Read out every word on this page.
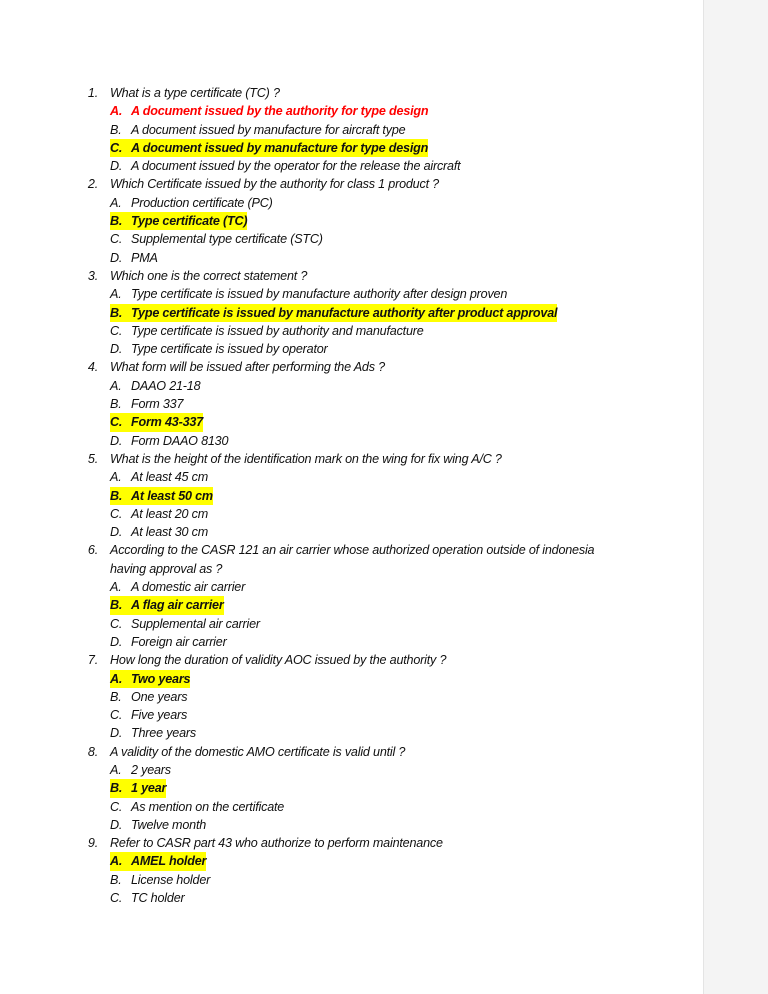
1. What is a type certificate (TC) ?
A. A document issued by the authority for type design
B. A document issued by manufacture for aircraft type
C. A document issued by manufacture for type design
D. A document issued by the operator for the release the aircraft
2. Which Certificate issued by the authority for class 1 product ?
A. Production certificate (PC)
B. Type certificate (TC)
C. Supplemental type certificate (STC)
D. PMA
3. Which one is the correct statement ?
A. Type certificate is issued by manufacture authority after design proven
B. Type certificate is issued by manufacture authority after product approval
C. Type certificate is issued by authority and manufacture
D. Type certificate is issued by operator
4. What form will be issued after performing the Ads ?
A. DAAO 21-18
B. Form 337
C. Form 43-337
D. Form DAAO 8130
5. What is the height of the identification mark on the wing for fix wing A/C ?
A. At least 45 cm
B. At least 50 cm
C. At least 20 cm
D. At least 30 cm
6. According to the CASR 121 an air carrier whose authorized operation outside of indonesia
having approval as ?
A. A domestic air carrier
B. A flag air carrier
C. Supplemental air carrier
D. Foreign air carrier
7. How long the duration of validity AOC issued by the authority ?
A. Two years
B. One years
C. Five years
D. Three years
8. A validity of the domestic AMO certificate is valid until ?
A. 2 years
B. 1 year
C. As mention on the certificate
D. Twelve month
9. Refer to CASR part 43 who authorize to perform maintenance
A. AMEL holder
B. License holder
C. TC holder
